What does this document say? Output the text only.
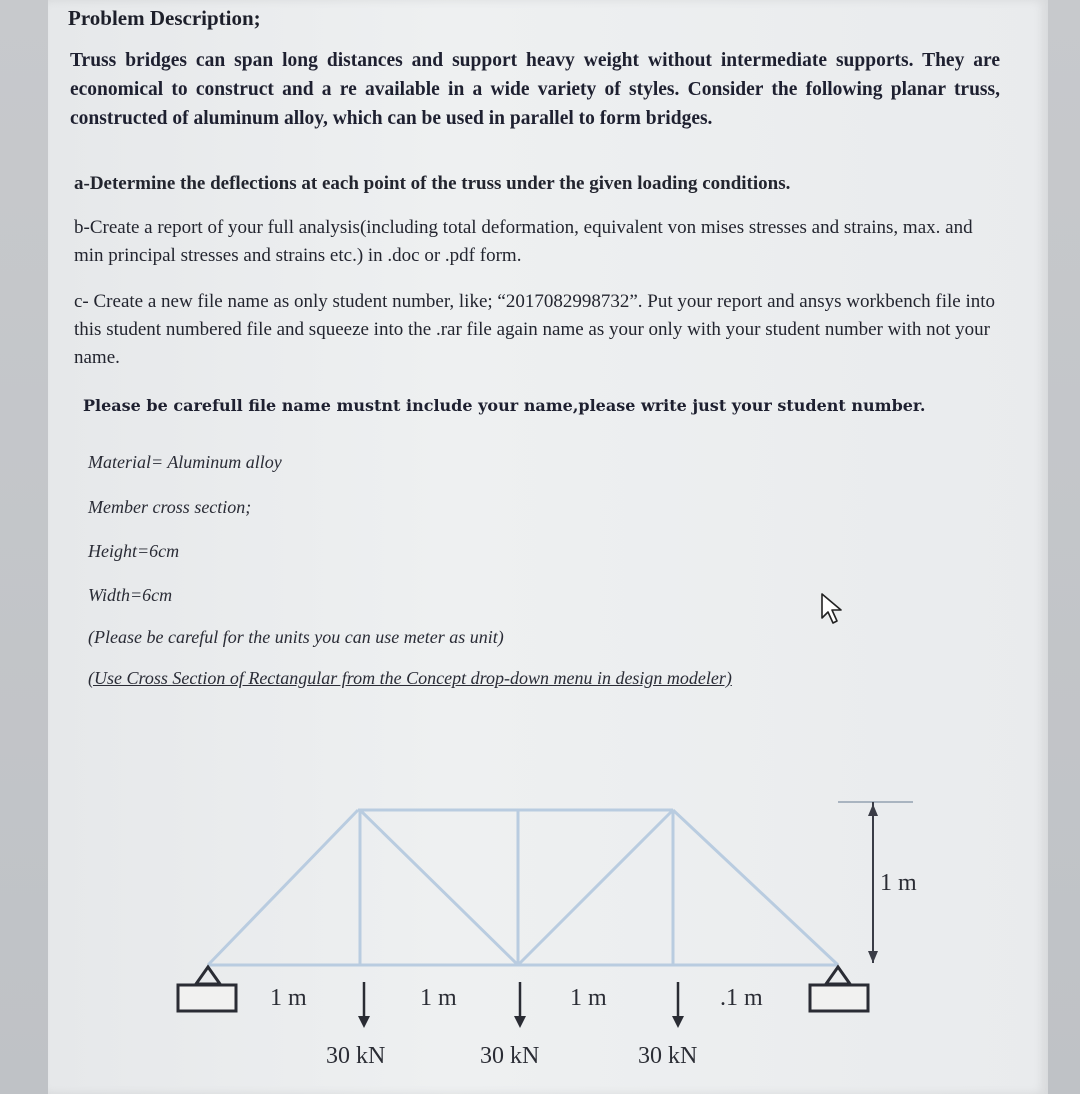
Problem Description;
Truss bridges can span long distances and support heavy weight without intermediate supports. They are economical to construct and a re available in a wide variety of styles. Consider the following planar truss, constructed of aluminum alloy, which can be used in parallel to form bridges.
a-Determine the deflections at each point of the truss under the given loading conditions.
b-Create a report of your full analysis(including total deformation, equivalent von mises stresses and strains, max. and min principal stresses and strains etc.) in .doc or .pdf form.
c- Create a new file name as only student number, like; “2017082998732”. Put your report and ansys workbench file into this student numbered file and squeeze into the .rar file again name as your only with your student number with not your name.
Please be carefull file name mustnt include your name,please write just your student number.
Material= Aluminum alloy
Member cross section;
Height=6cm
Width=6cm
(Please be careful for the units you can use meter as unit)
(Use Cross Section of Rectangular from the Concept drop-down menu in design modeler)
1 m
1 m	1 m	1 m	.1 m
30 kN	30 kN	30 kN
